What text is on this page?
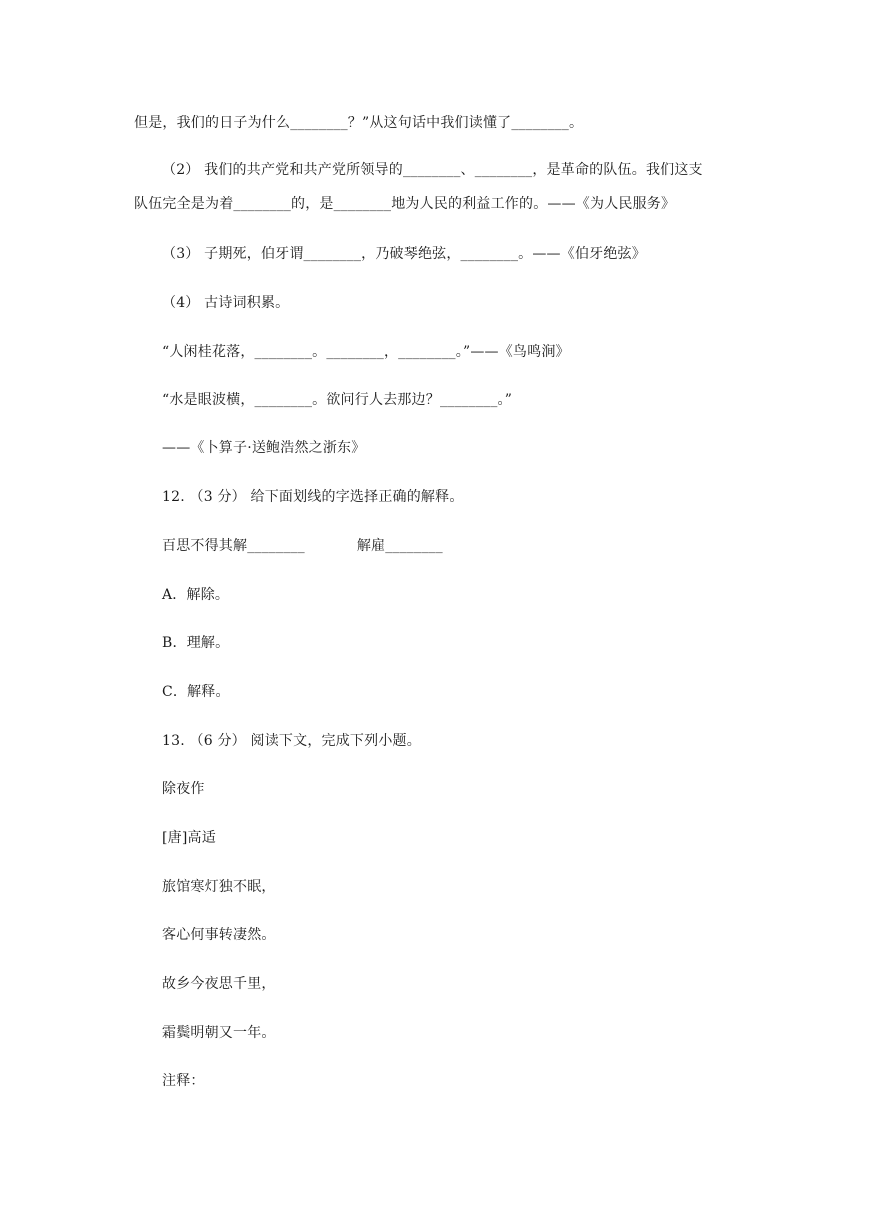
但是，我们的日子为什么________？”从这句话中我们读懂了________。
（2） 我们的共产党和共产党所领导的________、________，是革命的队伍。我们这支
队伍完全是为着________的，是________地为人民的利益工作的。——《为人民服务》
（3） 子期死，伯牙谓________，乃破琴绝弦，________。——《伯牙绝弦》
（4） 古诗词积累。
“人闲桂花落，________。________，________。”——《鸟鸣涧》
“水是眼波横，________。欲问行人去那边？________。”
——《卜算子·送鲍浩然之浙东》
12. （3 分） 给下面划线的字选择正确的解释。
百思不得其解________	解雇________
A．解除。
B．理解。
C．解释。
13. （6 分） 阅读下文，完成下列小题。
除夜作
[唐]高适
旅馆寒灯独不眠，
客心何事转凄然。
故乡今夜思千里，
霜鬓明朝又一年。
注释：
